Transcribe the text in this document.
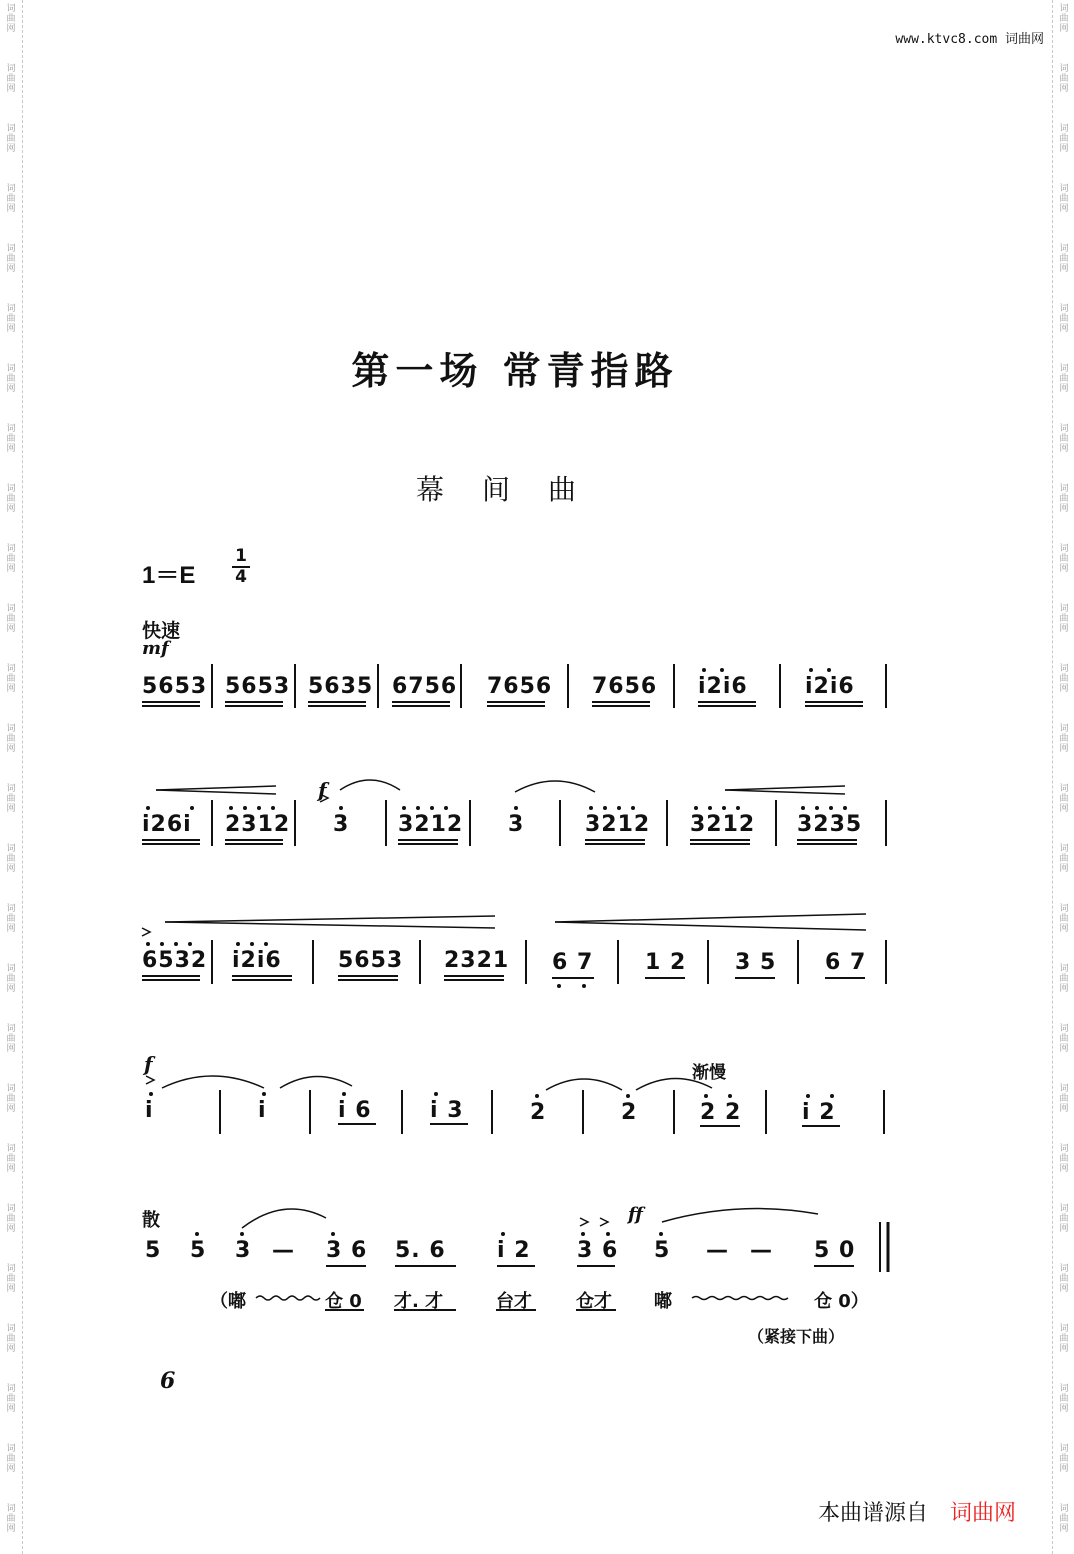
词曲网
词曲网
词曲网
词曲网
词曲网
词曲网
词曲网
词曲网
词曲网
词曲网
词曲网
词曲网
词曲网
词曲网
词曲网
词曲网
词曲网
词曲网
词曲网
词曲网
词曲网
词曲网
词曲网
词曲网
词曲网
词曲网
词曲网
词曲网
词曲网
词曲网
词曲网
词曲网
词曲网
词曲网
词曲网
词曲网
词曲网
词曲网
词曲网
词曲网
词曲网
词曲网
词曲网
词曲网
词曲网
词曲网
词曲网
词曲网
词曲网
词曲网
词曲网
词曲网
www.ktvc8.com 词曲网
第一场 常青指路
幕间曲
1＝E
1
4
快速
mf
5653 5653 5635 6756 7656 7656 i2i6	i2i6
f
i26i 2312 3 3212 3	3212 3212 3235
6532 i2i6	5653 2321 6 7 1 2 3 5 6 7
f	渐慢
i	i	i 6	i 3	2	2	2 2	i 2
散	ff
5 5 3 — 3 6 5. 6 i 2 3 6 5 — — 5 0
（嘟	仓 0 才. 才	台才 仓才 嘟	仓 0）
（紧接下曲）
6
本曲谱源自 词曲网
